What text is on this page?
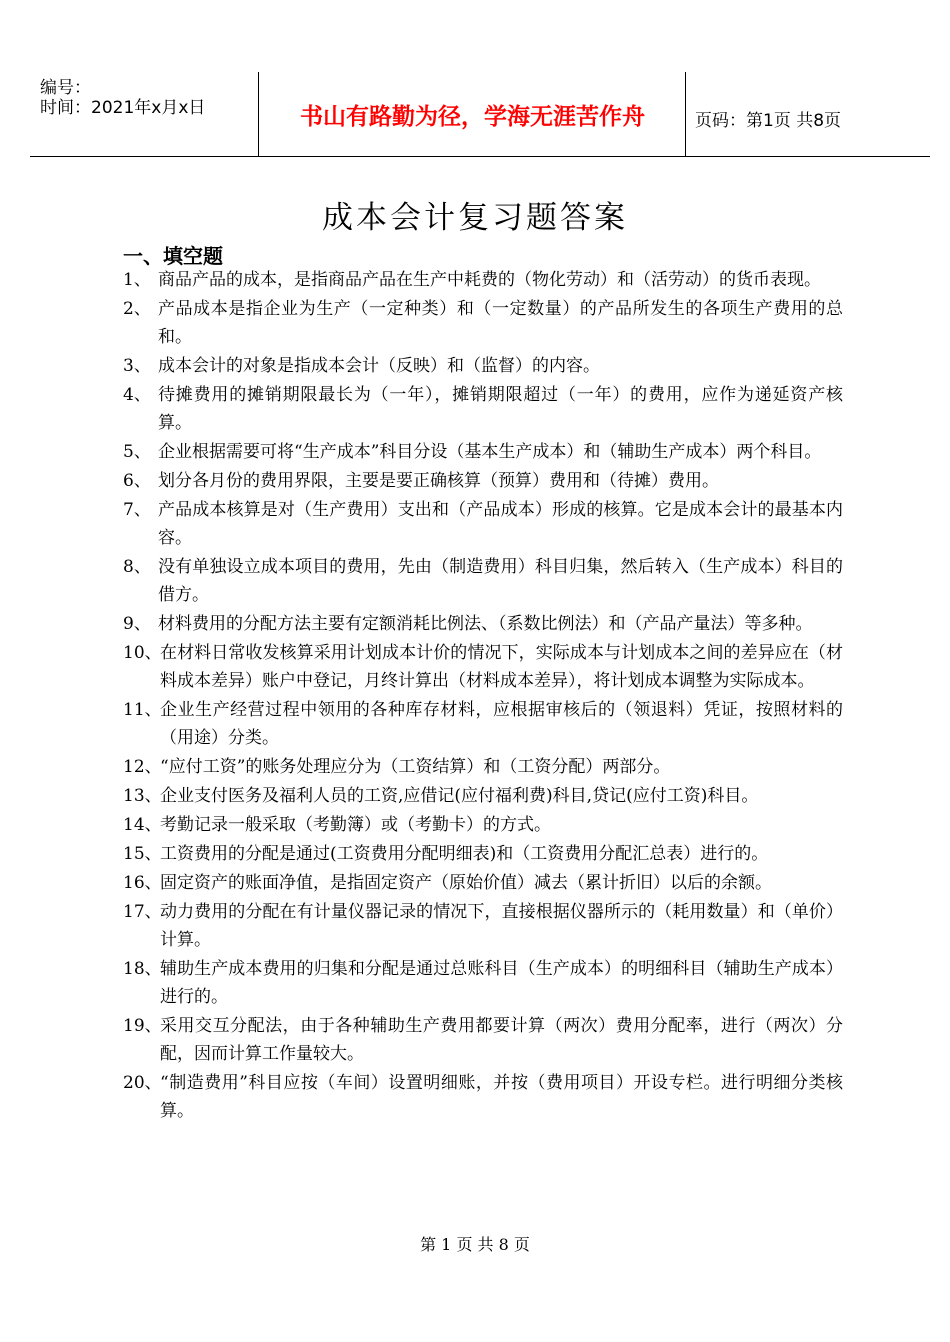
编号：
时间：2021年x月x日	书山有路勤为径，学海无涯苦作舟	页码：第1页 共8页
成本会计复习题答案
一、填空题
1、 商品产品的成本，是指商品产品在生产中耗费的（物化劳动）和（活劳动）的货币表现。
2、 产品成本是指企业为生产（一定种类）和（一定数量）的产品所发生的各项生产费用的总和。
3、 成本会计的对象是指成本会计（反映）和（监督）的内容。
4、 待摊费用的摊销期限最长为（一年），摊销期限超过（一年）的费用，应作为递延资产核算。
5、 企业根据需要可将“生产成本”科目分设（基本生产成本）和（辅助生产成本）两个科目。
6、 划分各月份的费用界限，主要是要正确核算（预算）费用和（待摊）费用。
7、 产品成本核算是对（生产费用）支出和（产品成本）形成的核算。它是成本会计的最基本内容。
8、 没有单独设立成本项目的费用，先由（制造费用）科目归集，然后转入（生产成本）科目的借方。
9、 材料费用的分配方法主要有定额消耗比例法、（系数比例法）和（产品产量法）等多种。
10、
在材料日常收发核算采用计划成本计价的情况下，实际成本与计划成本之间的差异应在（材料成本差异）账户中登记，月终计算出（材料成本差异），将计划成本调整为实际成本。
11、
企业生产经营过程中领用的各种库存材料，应根据审核后的（领退料）凭证，按照材料的（用途）分类。
12、
“应付工资”的账务处理应分为（工资结算）和（工资分配）两部分。
13、
企业支付医务及福利人员的工资,应借记(应付福利费)科目,贷记(应付工资)科目。
14、
考勤记录一般采取（考勤簿）或（考勤卡）的方式。
15、
工资费用的分配是通过(工资费用分配明细表)和（工资费用分配汇总表）进行的。
16、
固定资产的账面净值，是指固定资产（原始价值）减去（累计折旧）以后的余额。
17、
动力费用的分配在有计量仪器记录的情况下，直接根据仪器所示的（耗用数量）和（单价）计算。
18、
辅助生产成本费用的归集和分配是通过总账科目（生产成本）的明细科目（辅助生产成本）进行的。
19、
采用交互分配法，由于各种辅助生产费用都要计算（两次）费用分配率，进行（两次）分配，因而计算工作量较大。
20、
“制造费用”科目应按（车间）设置明细账，并按（费用项目）开设专栏。进行明细分类核算。
第 1 页 共 8 页
